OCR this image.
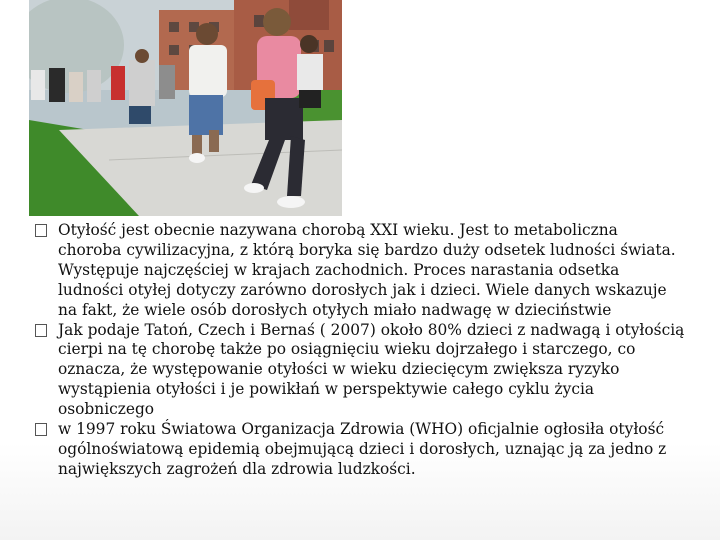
Otyłość jest obecnie nazywana chorobą XXI wieku. Jest to metaboliczna choroba cywilizacyjna, z którą boryka się bardzo duży odsetek ludności świata. Występuje najczęściej w krajach zachodnich. Proces narastania odsetka ludności otyłej dotyczy zarówno dorosłych jak i dzieci. Wiele danych wskazuje na fakt, że wiele osób dorosłych otyłych miało nadwagę w dzieciństwie

Jak podaje Tatoń, Czech i Bernaś ( 2007) około 80% dzieci z nadwagą i otyłością cierpi na tę chorobę także po osiągnięciu wieku dojrzałego i starczego, co oznacza, że występowanie otyłości w wieku dziecięcym zwiększa ryzyko wystąpienia otyłości i je powikłań w perspektywie całego cyklu życia osobniczego

w 1997 roku Światowa Organizacja Zdrowia (WHO) oficjalnie ogłosiła otyłość ogólnoświatową epidemią obejmującą dzieci i dorosłych, uznając ją za jedno z największych zagrożeń dla zdrowia ludzkości.
